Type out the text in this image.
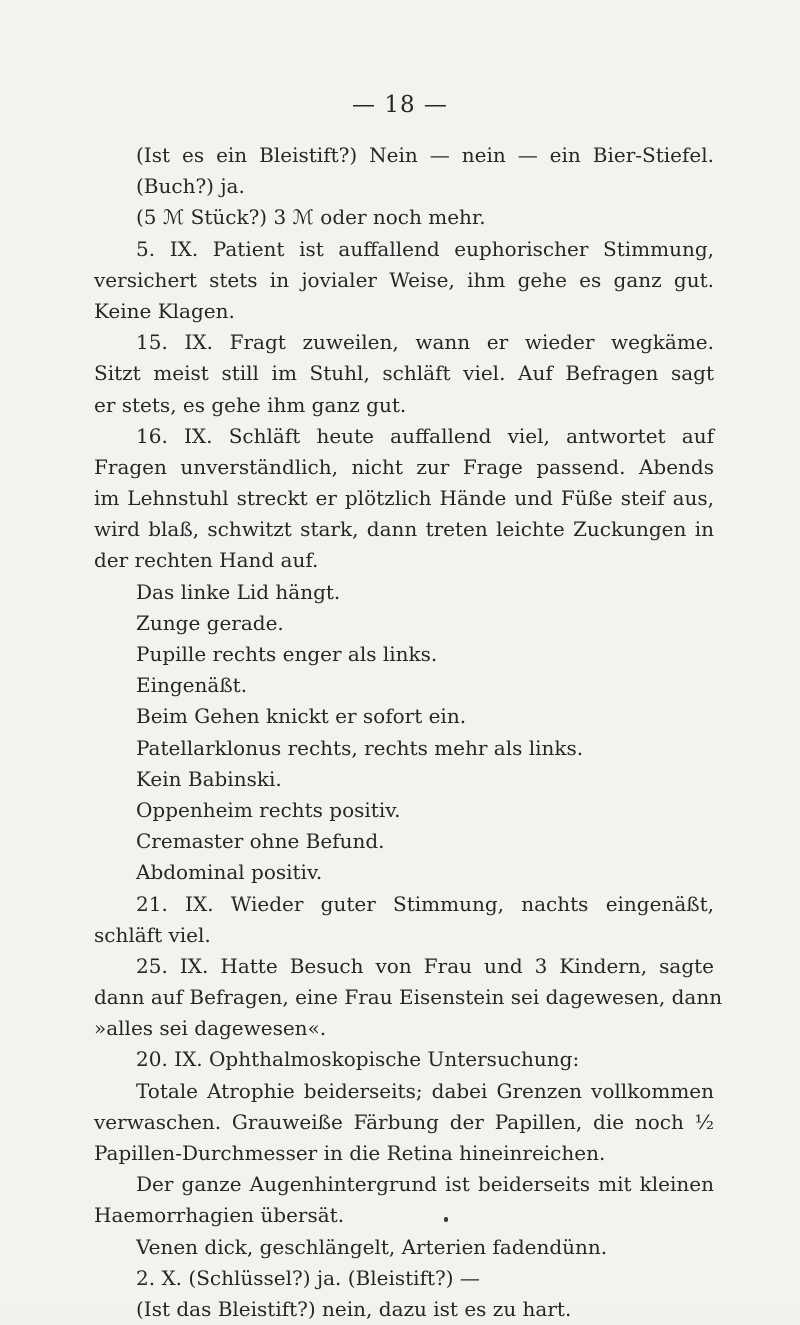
— 18 —
(Ist es ein Bleistift?) Nein — nein — ein Bier-Stiefel.
(Buch?) ja.
(5 ℳ Stück?) 3 ℳ oder noch mehr.
5. IX. Patient ist auffallend euphorischer Stimmung,
versichert stets in jovialer Weise, ihm gehe es ganz gut.
Keine Klagen.
15. IX. Fragt zuweilen, wann er wieder wegkäme.
Sitzt meist still im Stuhl, schläft viel. Auf Befragen sagt
er stets, es gehe ihm ganz gut.
16. IX. Schläft heute auffallend viel, antwortet auf
Fragen unverständlich, nicht zur Frage passend. Abends
im Lehnstuhl streckt er plötzlich Hände und Füße steif aus,
wird blaß, schwitzt stark, dann treten leichte Zuckungen in
der rechten Hand auf.
Das linke Lid hängt.
Zunge gerade.
Pupille rechts enger als links.
Eingenäßt.
Beim Gehen knickt er sofort ein.
Patellarklonus rechts, rechts mehr als links.
Kein Babinski.
Oppenheim rechts positiv.
Cremaster ohne Befund.
Abdominal positiv.
21. IX. Wieder guter Stimmung, nachts eingenäßt,
schläft viel.
25. IX. Hatte Besuch von Frau und 3 Kindern, sagte
dann auf Befragen, eine Frau Eisenstein sei dagewesen, dann
»alles sei dagewesen«.
20. IX. Ophthalmoskopische Untersuchung:
Totale Atrophie beiderseits; dabei Grenzen vollkommen
verwaschen. Grauweiße Färbung der Papillen, die noch ½
Papillen-Durchmesser in die Retina hineinreichen.
Der ganze Augenhintergrund ist beiderseits mit kleinen
Haemorrhagien übersät.
Venen dick, geschlängelt, Arterien fadendünn.
2. X. (Schlüssel?) ja. (Bleistift?) —
(Ist das Bleistift?) nein, dazu ist es zu hart.
